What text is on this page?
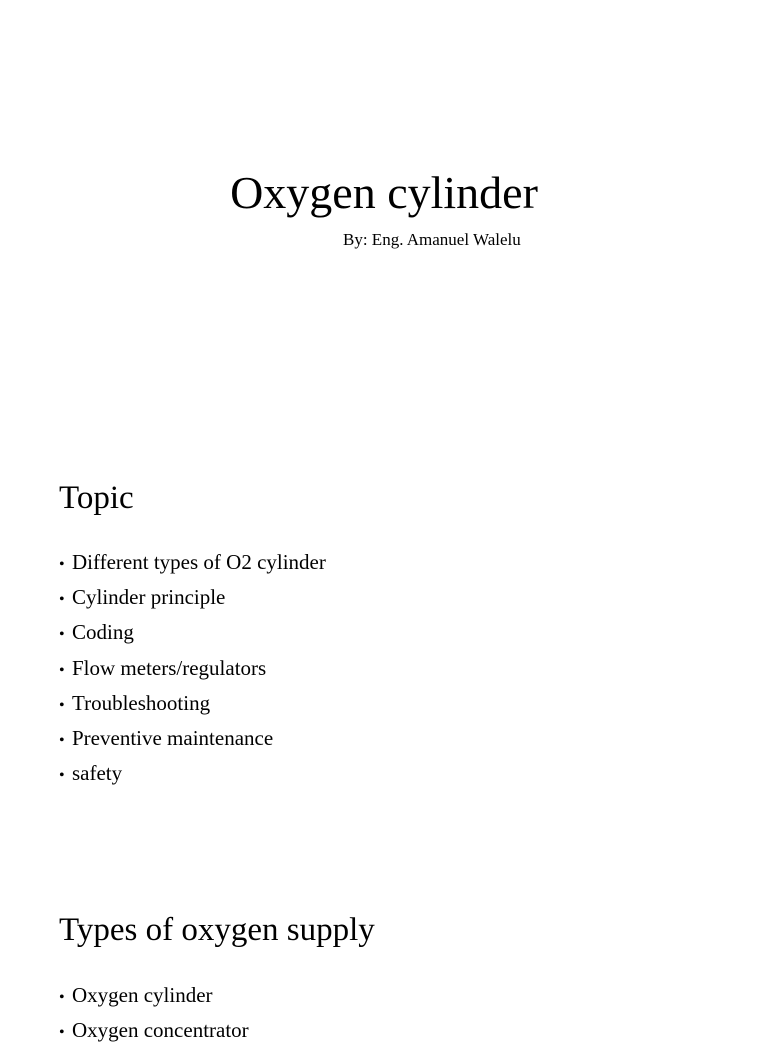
Oxygen cylinder

By: Eng. Amanuel Walelu

Topic
• Different types of O2 cylinder
• Cylinder principle
• Coding
• Flow meters/regulators
• Troubleshooting
• Preventive maintenance
• safety
Types of oxygen supply
• Oxygen cylinder
• Oxygen concentrator
